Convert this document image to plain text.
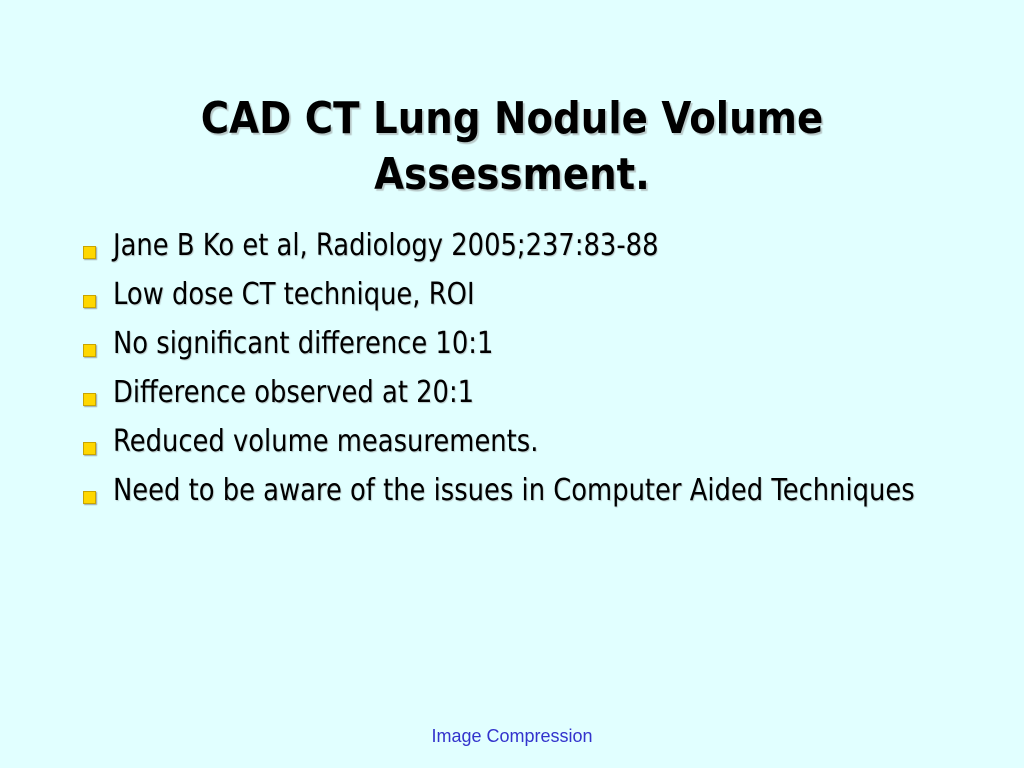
CAD CT Lung Nodule Volume
Assessment.
Jane B Ko et al, Radiology 2005;237:83-88
Low dose CT technique, ROI
No significant difference 10:1
Difference observed at 20:1
Reduced volume measurements.
Need to be aware of the issues in Computer Aided Techniques
Image Compression
